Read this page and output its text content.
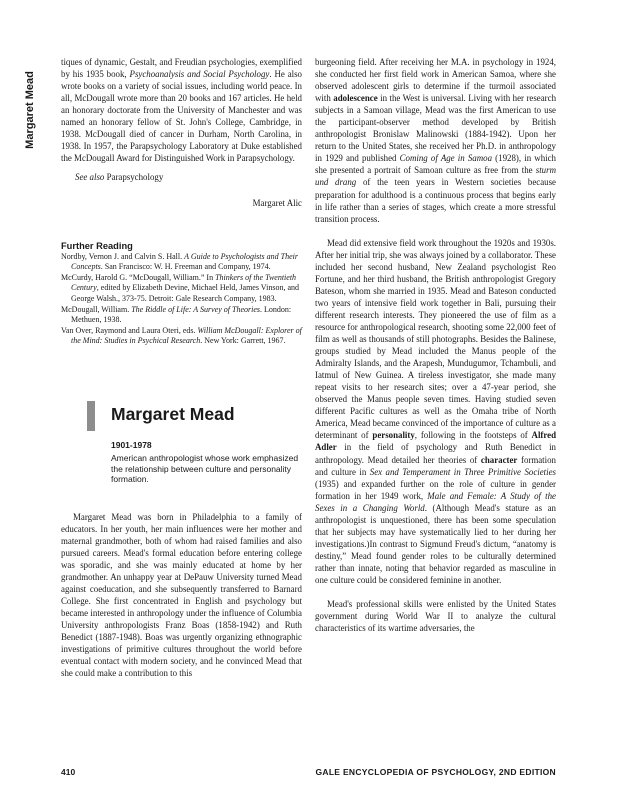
Margaret Mead

tiques of dynamic, Gestalt, and Freudian psychologies, exemplified by his 1935 book, Psychoanalysis and Social Psychology. He also wrote books on a variety of social issues, including world peace. In all, McDougall wrote more than 20 books and 167 articles. He held an honorary doctorate from the University of Manchester and was named an honorary fellow of St. John's College, Cambridge, in 1938. McDougall died of cancer in Durham, North Carolina, in 1938. In 1957, the Parapsychology Laboratory at Duke established the McDougall Award for Distinguished Work in Parapsychology.

See also Parapsychology

Margaret Alic

Further Reading

Nordby, Vernon J. and Calvin S. Hall. A Guide to Psychologists and Their Concepts. San Francisco: W. H. Freeman and Company, 1974.

McCurdy, Harold G. “McDougall, William.” In Thinkers of the Twentieth Century, edited by Elizabeth Devine, Michael Held, James Vinson, and George Walsh., 373-75. Detroit: Gale Research Company, 1983.

McDougall, William. The Riddle of Life: A Survey of Theories. London: Methuen, 1938.

Van Over, Raymond and Laura Oteri, eds. William McDougall: Explorer of the Mind: Studies in Psychical Research. New York: Garrett, 1967.

Margaret Mead
1901-1978
American anthropologist whose work emphasized the relationship between culture and personality formation.

Margaret Mead was born in Philadelphia to a family of educators. In her youth, her main influences were her mother and maternal grandmother, both of whom had raised families and also pursued careers. Mead's formal education before entering college was sporadic, and she was mainly educated at home by her grandmother. An unhappy year at DePauw University turned Mead against coeducation, and she subsequently transferred to Barnard College. She first concentrated in English and psychology but became interested in anthropology under the influence of Columbia University anthropologists Franz Boas (1858-1942) and Ruth Benedict (1887-1948). Boas was urgently organizing ethnographic investigations of primitive cultures throughout the world before eventual contact with modern society, and he convinced Mead that she could make a contribution to this

burgeoning field. After receiving her M.A. in psychology in 1924, she conducted her first field work in American Samoa, where she observed adolescent girls to determine if the turmoil associated with adolescence in the West is universal. Living with her research subjects in a Samoan village, Mead was the first American to use the participant-observer method developed by British anthropologist Bronislaw Malinowski (1884-1942). Upon her return to the United States, she received her Ph.D. in anthropology in 1929 and published Coming of Age in Samoa (1928), in which she presented a portrait of Samoan culture as free from the sturm und drang of the teen years in Western societies because preparation for adulthood is a continuous process that begins early in life rather than a series of stages, which create a more stressful transition process.

Mead did extensive field work throughout the 1920s and 1930s. After her initial trip, she was always joined by a collaborator. These included her second husband, New Zealand psychologist Reo Fortune, and her third husband, the British anthropologist Gregory Bateson, whom she married in 1935. Mead and Bateson conducted two years of intensive field work together in Bali, pursuing their different research interests. They pioneered the use of film as a resource for anthropological research, shooting some 22,000 feet of film as well as thousands of still photographs. Besides the Balinese, groups studied by Mead included the Manus people of the Admiralty Islands, and the Arapesh, Mundugumor, Tchambuli, and Iatmul of New Guinea. A tireless investigator, she made many repeat visits to her research sites; over a 47-year period, she observed the Manus people seven times. Having studied seven different Pacific cultures as well as the Omaha tribe of North America, Mead became convinced of the importance of culture as a determinant of personality, following in the footsteps of Alfred Adler in the field of psychology and Ruth Benedict in anthropology. Mead detailed her theories of character formation and culture in Sex and Temperament in Three Primitive Societies (1935) and expanded further on the role of culture in gender formation in her 1949 work, Male and Female: A Study of the Sexes in a Changing World. (Although Mead's stature as an anthropologist is unquestioned, there has been some speculation that her subjects may have systematically lied to her during her investigations.)In contrast to Sigmund Freud's dictum, “anatomy is destiny,” Mead found gender roles to be culturally determined rather than innate, noting that behavior regarded as masculine in one culture could be considered feminine in another.

Mead's professional skills were enlisted by the United States government during World War II to analyze the cultural characteristics of its wartime adversaries, the

410	GALE ENCYCLOPEDIA OF PSYCHOLOGY, 2ND EDITION
